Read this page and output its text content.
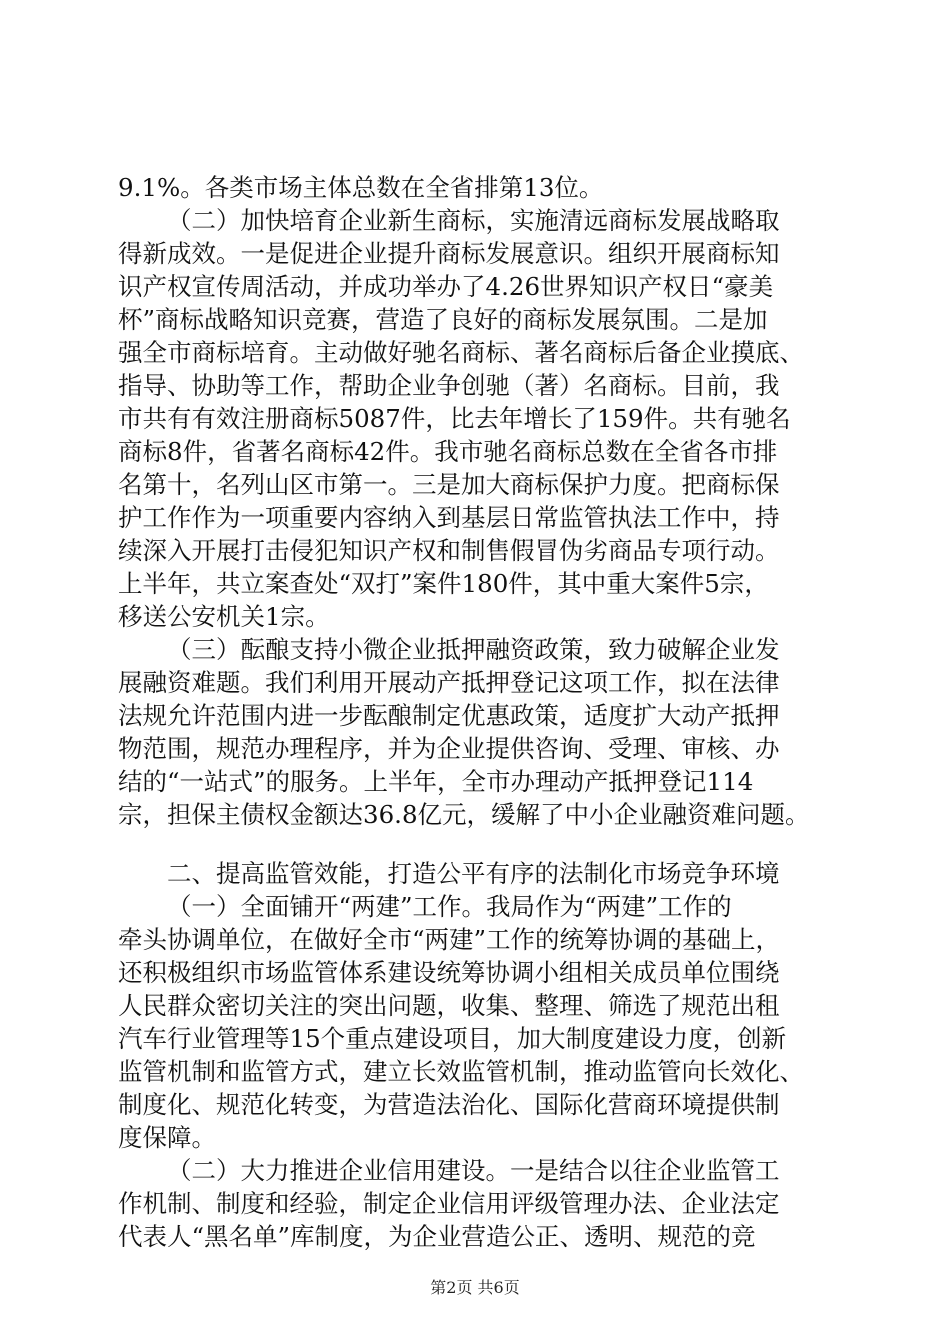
9.1%。各类市场主体总数在全省排第13位。
（二）加快培育企业新生商标，实施清远商标发展战略取
得新成效。一是促进企业提升商标发展意识。组织开展商标知
识产权宣传周活动，并成功举办了4.26世界知识产权日“豪美
杯”商标战略知识竞赛，营造了良好的商标发展氛围。二是加
强全市商标培育。主动做好驰名商标、著名商标后备企业摸底、
指导、协助等工作，帮助企业争创驰（著）名商标。目前，我
市共有有效注册商标5087件，比去年增长了159件。共有驰名
商标8件，省著名商标42件。我市驰名商标总数在全省各市排
名第十，名列山区市第一。三是加大商标保护力度。把商标保
护工作作为一项重要内容纳入到基层日常监管执法工作中，持
续深入开展打击侵犯知识产权和制售假冒伪劣商品专项行动。
上半年，共立案查处“双打”案件180件，其中重大案件5宗，
移送公安机关1宗。
（三）酝酿支持小微企业抵押融资政策，致力破解企业发
展融资难题。我们利用开展动产抵押登记这项工作，拟在法律
法规允许范围内进一步酝酿制定优惠政策，适度扩大动产抵押
物范围，规范办理程序，并为企业提供咨询、受理、审核、办
结的“一站式”的服务。上半年，全市办理动产抵押登记114
宗，担保主债权金额达36.8亿元，缓解了中小企业融资难问题。
二、提高监管效能，打造公平有序的法制化市场竞争环境
（一）全面铺开“两建”工作。我局作为“两建”工作的
牵头协调单位，在做好全市“两建”工作的统筹协调的基础上，
还积极组织市场监管体系建设统筹协调小组相关成员单位围绕
人民群众密切关注的突出问题，收集、整理、筛选了规范出租
汽车行业管理等15个重点建设项目，加大制度建设力度，创新
监管机制和监管方式，建立长效监管机制，推动监管向长效化、
制度化、规范化转变，为营造法治化、国际化营商环境提供制
度保障。
（二）大力推进企业信用建设。一是结合以往企业监管工
作机制、制度和经验，制定企业信用评级管理办法、企业法定
代表人“黑名单”库制度，为企业营造公正、透明、规范的竞
第2页 共6页
